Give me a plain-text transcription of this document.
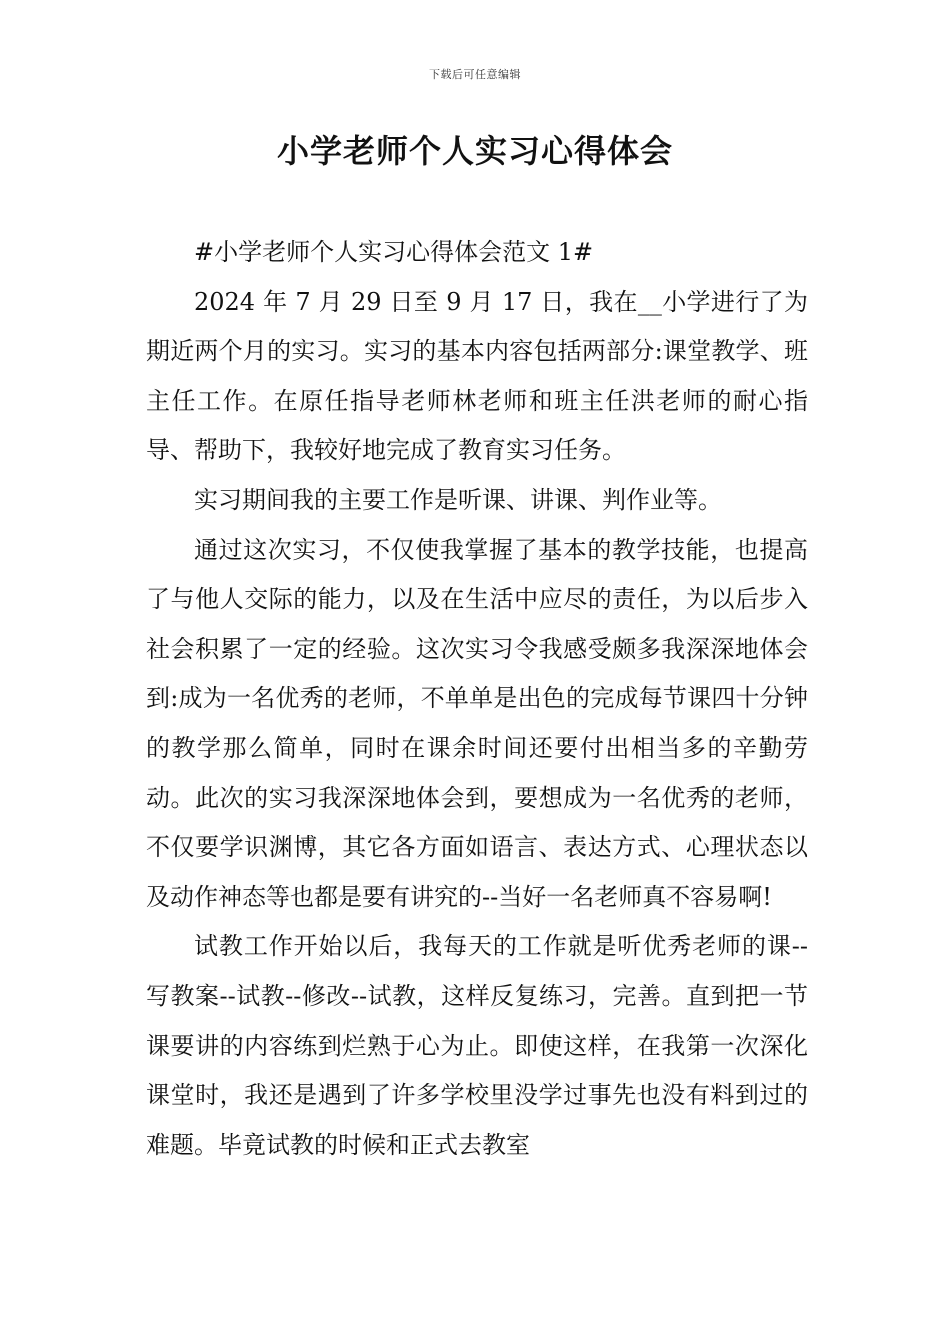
下载后可任意编辑
小学老师个人实习心得体会

#小学老师个人实习心得体会范文 1#

2024 年 7 月 29 日至 9 月 17 日，我在__小学进行了为期近两个月的实习。实习的基本内容包括两部分:课堂教学、班主任工作。在原任指导老师林老师和班主任洪老师的耐心指导、帮助下，我较好地完成了教育实习任务。

实习期间我的主要工作是听课、讲课、判作业等。

通过这次实习，不仅使我掌握了基本的教学技能，也提高了与他人交际的能力，以及在生活中应尽的责任，为以后步入社会积累了一定的经验。这次实习令我感受颇多我深深地体会到:成为一名优秀的老师，不单单是出色的完成每节课四十分钟的教学那么简单，同时在课余时间还要付出相当多的辛勤劳动。此次的实习我深深地体会到，要想成为一名优秀的老师，不仅要学识渊博，其它各方面如语言、表达方式、心理状态以及动作神态等也都是要有讲究的--当好一名老师真不容易啊!

试教工作开始以后，我每天的工作就是听优秀老师的课--写教案--试教--修改--试教，这样反复练习，完善。直到把一节课要讲的内容练到烂熟于心为止。即使这样，在我第一次深化课堂时，我还是遇到了许多学校里没学过事先也没有料到过的难题。毕竟试教的时候和正式去教室
